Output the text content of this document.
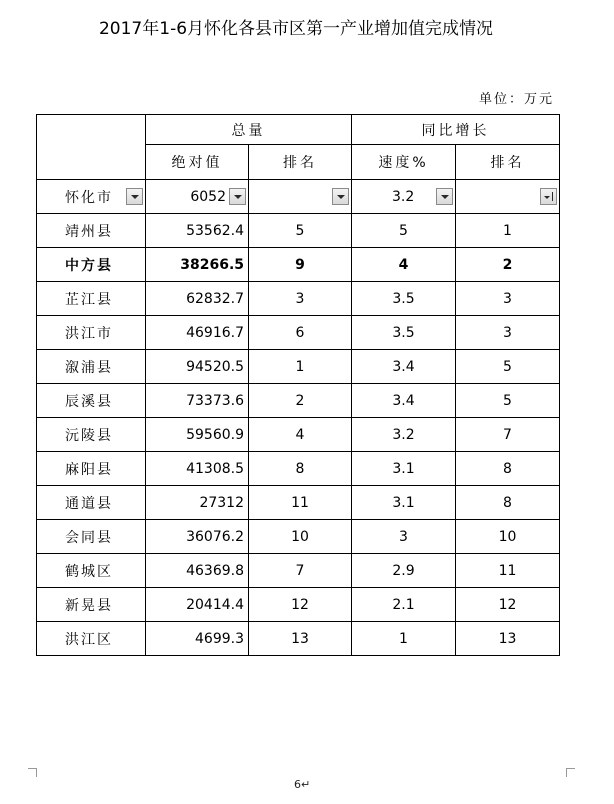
2017年1-6月怀化各县市区第一产业增加值完成情况
单位：万元
	总量		同比增长	
	绝对值	排名	速度%	排名

怀化市	6052		3.2	

靖州县	53562.4	5	5	1
中方县	38266.5	9	4	2
芷江县	62832.7	3	3.5	3
洪江市	46916.7	6	3.5	3
溆浦县	94520.5	1	3.4	5
辰溪县	73373.6	2	3.4	5
沅陵县	59560.9	4	3.2	7
麻阳县	41308.5	8	3.1	8
通道县	27312	11	3.1	8
会同县	36076.2	10	3	10
鹤城区	46369.8	7	2.9	11
新晃县	20414.4	12	2.1	12
洪江区	4699.3	13	1	13
6↵
